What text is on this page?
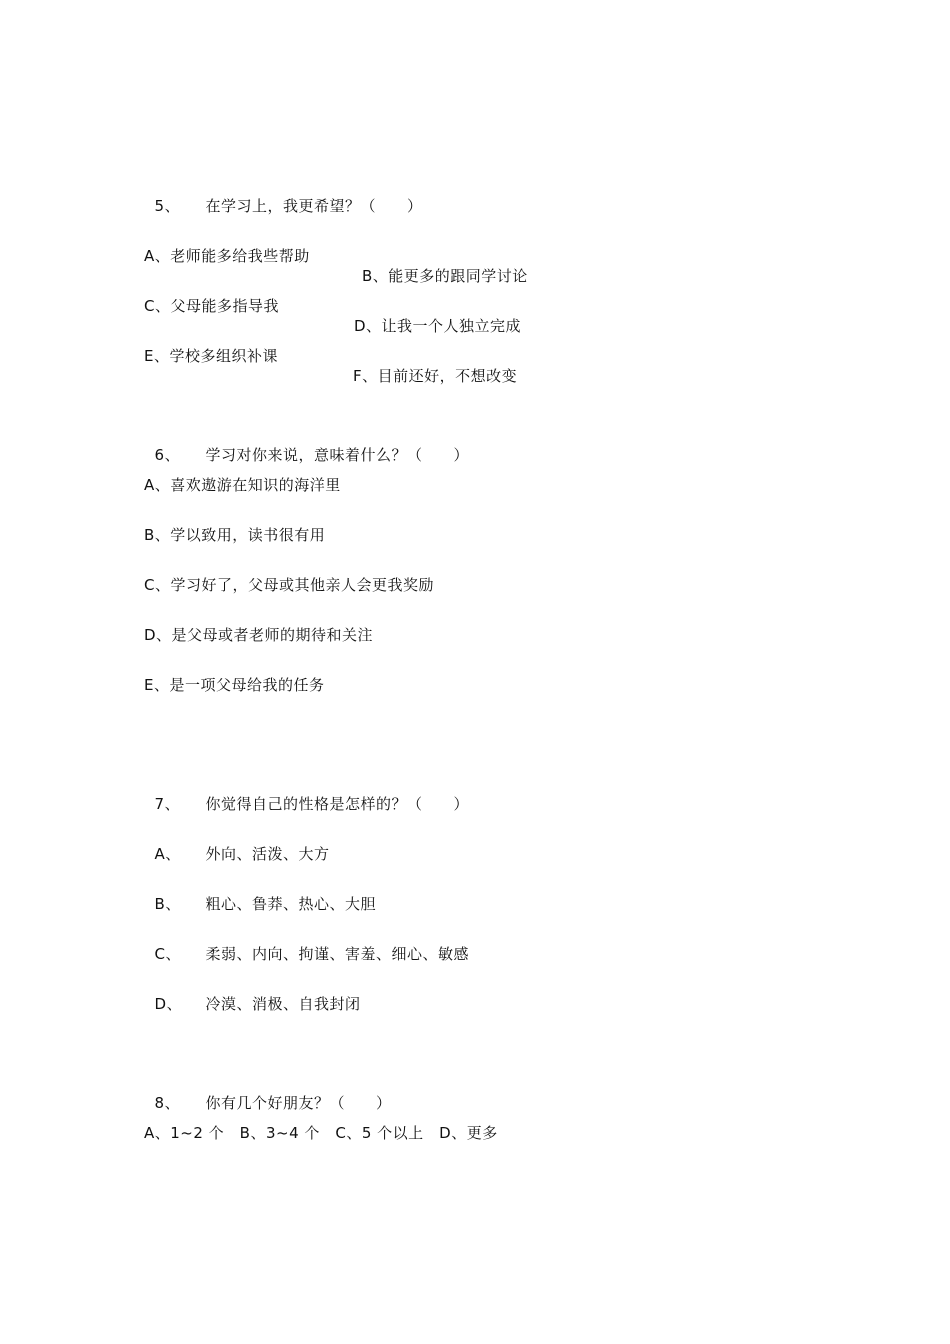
5、 在学习上，我更希望？（　　）

A、老师能多给我些帮助

B、能更多的跟同学讨论

C、父母能多指导我

D、让我一个人独立完成

E、学校多组织补课

F、目前还好，不想改变

6、 学习对你来说，意味着什么？（　　）

A、喜欢遨游在知识的海洋里
B、学以致用，读书很有用
C、学习好了，父母或其他亲人会更我奖励
D、是父母或者老师的期待和关注
E、是一项父母给我的任务

7、 你觉得自己的性格是怎样的？（　　）

A、 外向、活泼、大方

B、 粗心、鲁莽、热心、大胆

C、 柔弱、内向、拘谨、害羞、细心、敏感

D、 冷漠、消极、自我封闭

8、 你有几个好朋友？（　　）

A、1~2 个　B、3~4 个　C、5 个以上　D、更多
